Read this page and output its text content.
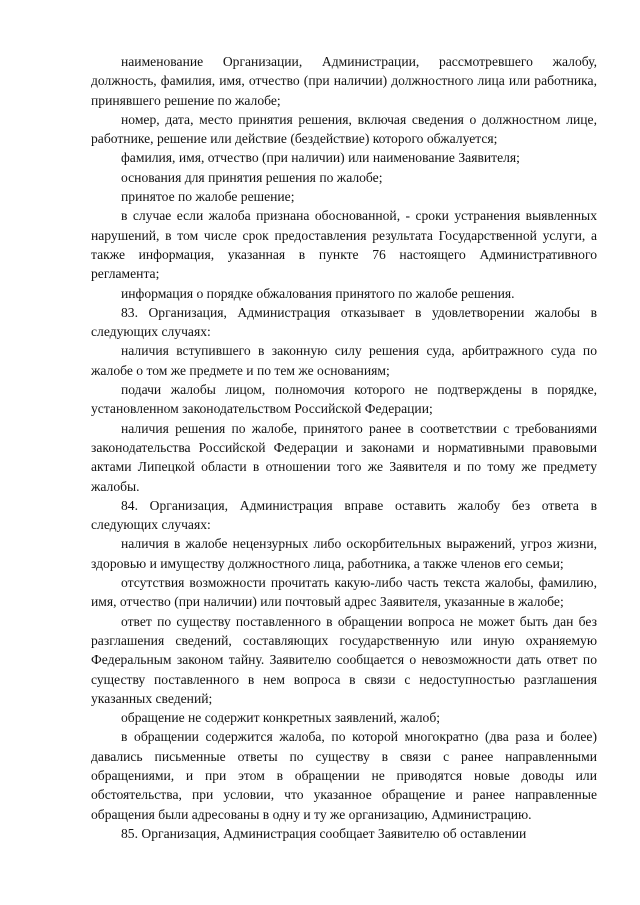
наименование Организации, Администрации, рассмотревшего жалобу, должность, фамилия, имя, отчество (при наличии) должностного лица или работника, принявшего решение по жалобе;

номер, дата, место принятия решения, включая сведения о должностном лице, работнике, решение или действие (бездействие) которого обжалуется;

фамилия, имя, отчество (при наличии) или наименование Заявителя;

основания для принятия решения по жалобе;

принятое по жалобе решение;

в случае если жалоба признана обоснованной, - сроки устранения выявленных нарушений, в том числе срок предоставления результата Государственной услуги, а также информация, указанная в пункте 76 настоящего Административного регламента;

информация о порядке обжалования принятого по жалобе решения.

83. Организация, Администрация отказывает в удовлетворении жалобы в следующих случаях:

наличия вступившего в законную силу решения суда, арбитражного суда по жалобе о том же предмете и по тем же основаниям;

подачи жалобы лицом, полномочия которого не подтверждены в порядке, установленном законодательством Российской Федерации;

наличия решения по жалобе, принятого ранее в соответствии с требованиями законодательства Российской Федерации и законами и нормативными правовыми актами Липецкой области в отношении того же Заявителя и по тому же предмету жалобы.

84. Организация, Администрация вправе оставить жалобу без ответа в следующих случаях:

наличия в жалобе нецензурных либо оскорбительных выражений, угроз жизни, здоровью и имуществу должностного лица, работника, а также членов его семьи;

отсутствия возможности прочитать какую-либо часть текста жалобы, фамилию, имя, отчество (при наличии) или почтовый адрес Заявителя, указанные в жалобе;

ответ по существу поставленного в обращении вопроса не может быть дан без разглашения сведений, составляющих государственную или иную охраняемую Федеральным законом тайну. Заявителю сообщается о невозможности дать ответ по существу поставленного в нем вопроса в связи с недоступностью разглашения указанных сведений;

обращение не содержит конкретных заявлений, жалоб;

в обращении содержится жалоба, по которой многократно (два раза и более) давались письменные ответы по существу в связи с ранее направленными обращениями, и при этом в обращении не приводятся новые доводы или обстоятельства, при условии, что указанное обращение и ранее направленные обращения были адресованы в одну и ту же организацию, Администрацию.

85. Организация, Администрация сообщает Заявителю об оставлении
